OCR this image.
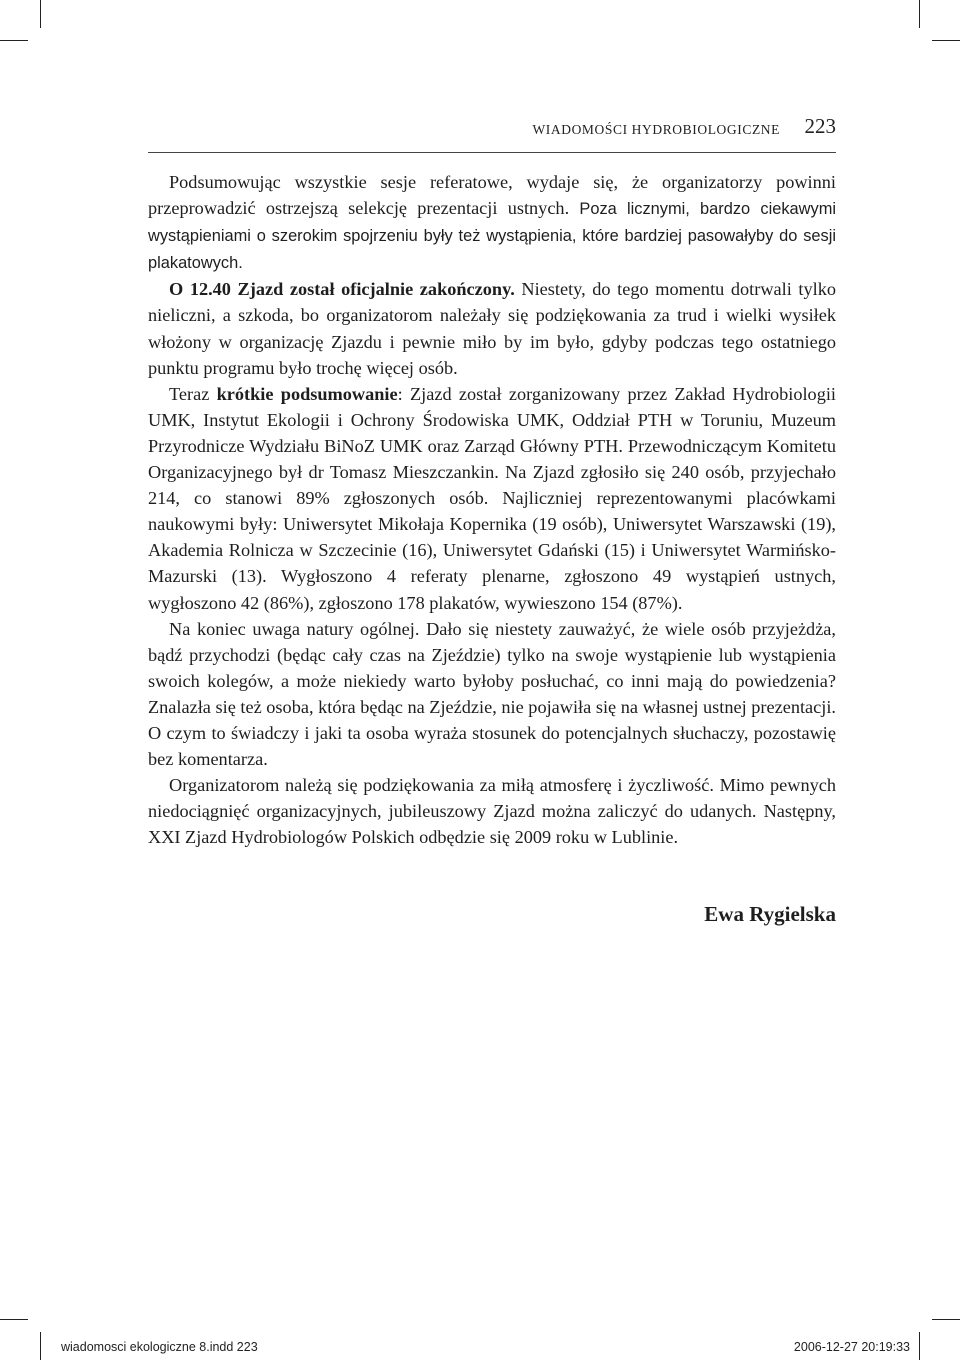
WIADOMOŚCI HYDROBIOLOGICZNE 223

Podsumowując wszystkie sesje referatowe, wydaje się, że organizatorzy powinni przeprowadzić ostrzejszą selekcję prezentacji ustnych. Poza licznymi, bardzo ciekawymi wystąpieniami o szerokim spojrzeniu były też wystąpienia, które bardziej pasowałyby do sesji plakatowych.

O 12.40 Zjazd został oficjalnie zakończony. Niestety, do tego momentu dotrwali tylko nieliczni, a szkoda, bo organizatorom należały się podziękowania za trud i wielki wysiłek włożony w organizację Zjazdu i pewnie miło by im było, gdyby podczas tego ostatniego punktu programu było trochę więcej osób.

Teraz krótkie podsumowanie: Zjazd został zorganizowany przez Zakład Hydrobiologii UMK, Instytut Ekologii i Ochrony Środowiska UMK, Oddział PTH w Toruniu, Muzeum Przyrodnicze Wydziału BiNoZ UMK oraz Zarząd Główny PTH. Przewodniczącym Komitetu Organizacyjnego był dr Tomasz Mieszczankin. Na Zjazd zgłosiło się 240 osób, przyjechało 214, co stanowi 89% zgłoszonych osób. Najliczniej reprezentowanymi placówkami naukowymi były: Uniwersytet Mikołaja Kopernika (19 osób), Uniwersytet Warszawski (19), Akademia Rolnicza w Szczecinie (16), Uniwersytet Gdański (15) i Uniwersytet Warmińsko-Mazurski (13). Wygłoszono 4 referaty plenarne, zgłoszono 49 wystąpień ustnych, wygłoszono 42 (86%), zgłoszono 178 plakatów, wywieszono 154 (87%).

Na koniec uwaga natury ogólnej. Dało się niestety zauważyć, że wiele osób przyjeżdża, bądź przychodzi (będąc cały czas na Zjeździe) tylko na swoje wystąpienie lub wystąpienia swoich kolegów, a może niekiedy warto byłoby posłuchać, co inni mają do powiedzenia? Znalazła się też osoba, która będąc na Zjeździe, nie pojawiła się na własnej ustnej prezentacji. O czym to świadczy i jaki ta osoba wyraża stosunek do potencjalnych słuchaczy, pozostawię bez komentarza.

Organizatorom należą się podziękowania za miłą atmosferę i życzliwość. Mimo pewnych niedociągnięć organizacyjnych, jubileuszowy Zjazd można zaliczyć do udanych. Następny, XXI Zjazd Hydrobiologów Polskich odbędzie się 2009 roku w Lublinie.

Ewa Rygielska
wiadomosci ekologiczne 8.indd 223	2006-12-27 20:19:33
